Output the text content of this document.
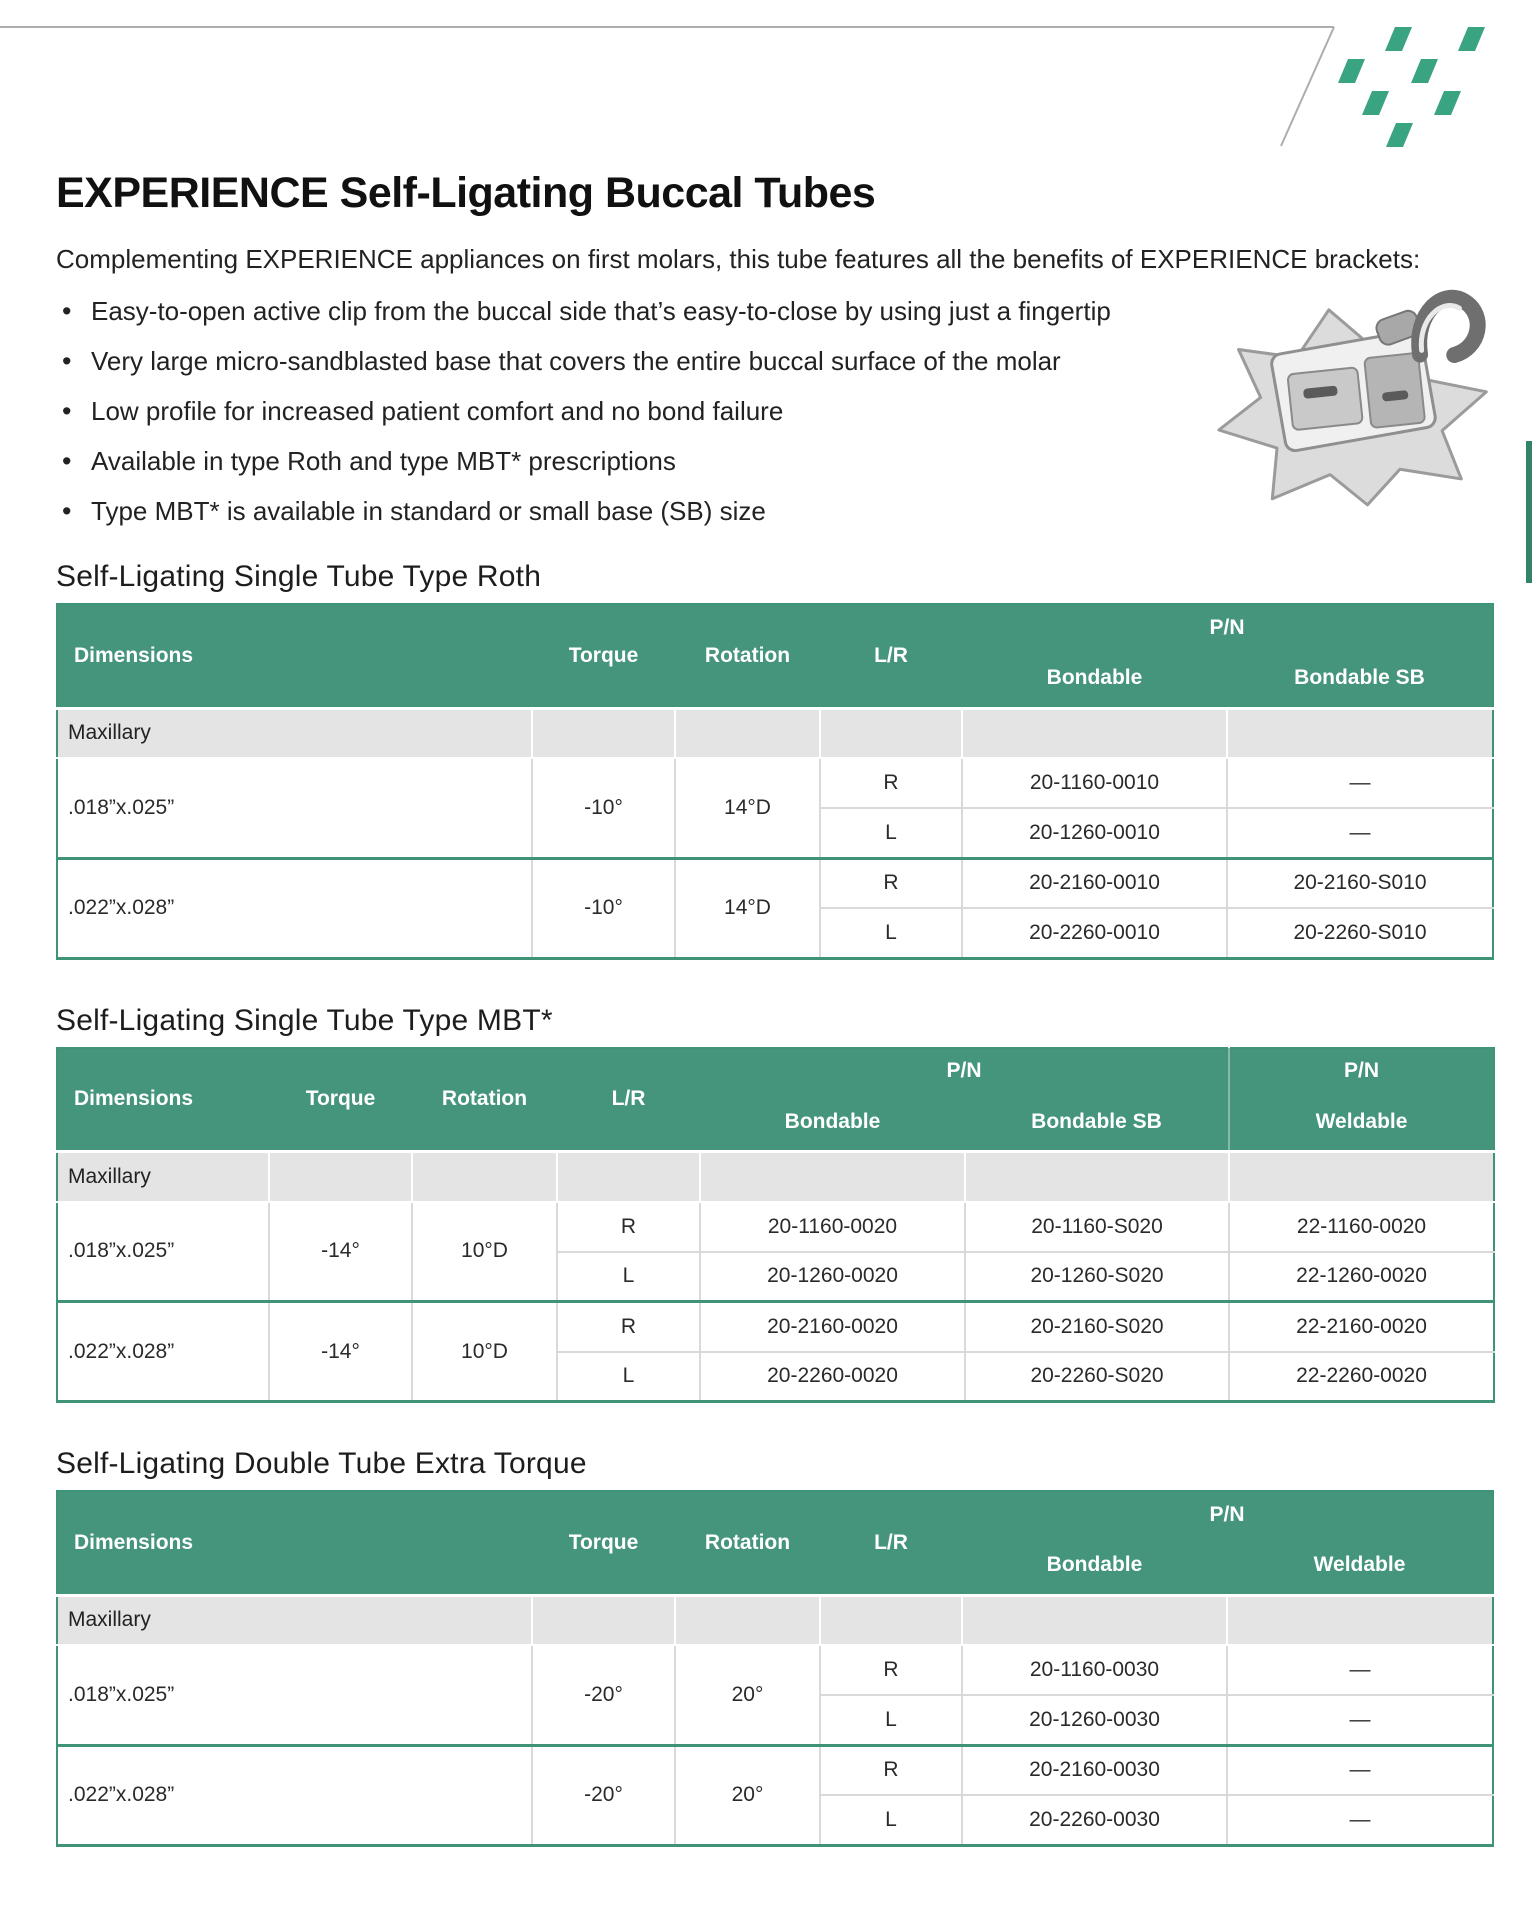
EXPERIENCE Self-Ligating Buccal Tubes

Complementing EXPERIENCE appliances on first molars, this tube features all the benefits of EXPERIENCE brackets:

• Easy-to-open active clip from the buccal side that’s easy-to-close by using just a fingertip
• Very large micro-sandblasted base that covers the entire buccal surface of the molar
• Low profile for increased patient comfort and no bond failure
• Available in type Roth and type MBT* prescriptions
• Type MBT* is available in standard or small base (SB) size
Self-Ligating Single Tube Type Roth
Dimensions	Torque	Rotation	L/R	P/N	
				Bondable	Bondable SB
Maxillary					
.018”x.025”	-10°	14°D	R	20-1160-0010	—
			L	20-1260-0010	—
.022”x.028”	-10°	14°D	R	20-2160-0010	20-2160-S010
			L	20-2260-0010	20-2260-S010
Self-Ligating Single Tube Type MBT*
Dimensions	Torque	Rotation	L/R	P/N		P/N
				Bondable	Bondable SB	Weldable
Maxillary						
.018”x.025”	-14°	10°D	R	20-1160-0020	20-1160-S020	22-1160-0020
			L	20-1260-0020	20-1260-S020	22-1260-0020
.022”x.028”	-14°	10°D	R	20-2160-0020	20-2160-S020	22-2160-0020
			L	20-2260-0020	20-2260-S020	22-2260-0020
Self-Ligating Double Tube Extra Torque
Dimensions	Torque	Rotation	L/R	P/N	
				Bondable	Weldable
Maxillary					
.018”x.025”	-20°	20°	R	20-1160-0030	—
			L	20-1260-0030	—
.022”x.028”	-20°	20°	R	20-2160-0030	—
			L	20-2260-0030	—
